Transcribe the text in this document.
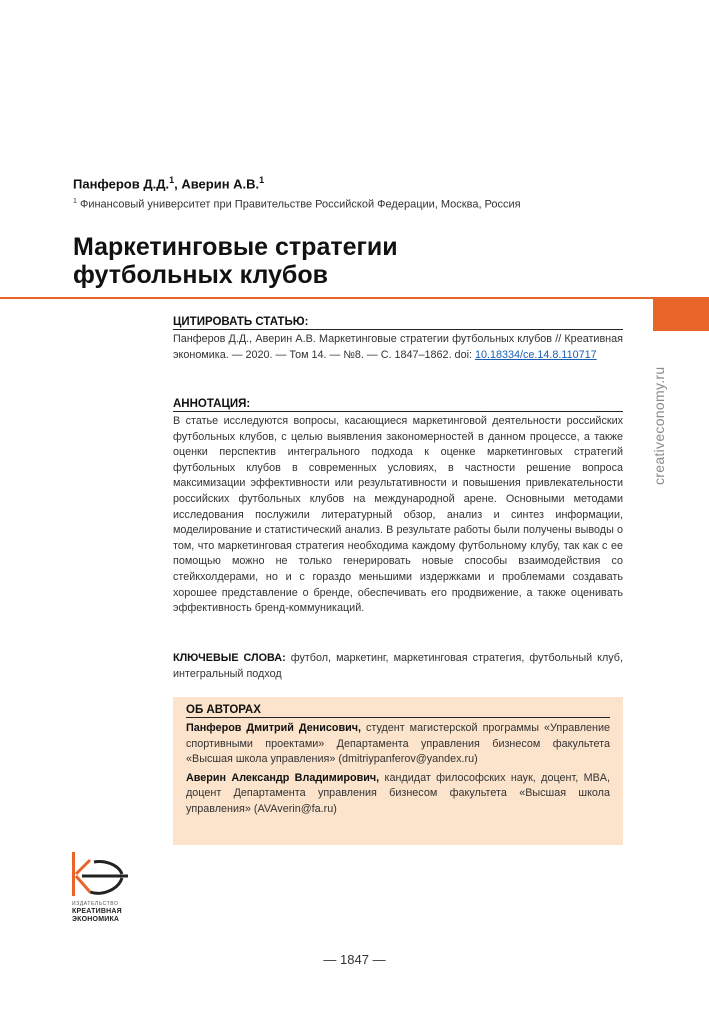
Панферов Д.Д.$^1$, Аверин А.В.$^1$
$^1$ Финансовый университет при Правительстве Российской Федерации, Москва, Россия
Маркетинговые стратегии
футбольных клубов
creativeconomy.ru
ЦИТИРОВАТЬ СТАТЬЮ:

Панферов Д.Д., Аверин А.В. Маркетинговые стратегии футбольных клубов // Креативная экономика. — 2020. — Том 14. — №8. — С. 1847–1862. doi: 10.18334/ce.14.8.110717

АННОТАЦИЯ:

В статье исследуются вопросы, касающиеся маркетинговой деятельности российских футбольных клубов, с целью выявления закономерностей в данном процессе, а также оценки перспектив интегрального подхода к оценке маркетинговых стратегий футбольных клубов в современных условиях, в частности решение вопроса максимизации эффективности или результативности и повышения привлекательности российских футбольных клубов на международной арене. Основными методами исследования послужили литературный обзор, анализ и синтез информации, моделирование и статистический анализ. В результате работы были получены выводы о том, что маркетинговая стратегия необходима каждому футбольному клубу, так как с ее помощью можно не только генерировать новые способы взаимодействия со стейкхолдерами, но и с гораздо меньшими издержками и проблемами создавать хорошее представление о бренде, обеспечивать его продвижение, а также оценивать эффективность бренд-коммуникаций.

КЛЮЧЕВЫЕ СЛОВА: футбол, маркетинг, маркетинговая стратегия, футбольный клуб, интегральный подход

ОБ АВТОРАХ

Панферов Дмитрий Денисович, студент магистерской программы «Управление спортивными проектами» Департамента управления бизнесом факультета «Высшая школа управления» (dmitriypanferov@yandex.ru)

Аверин Александр Владимирович, кандидат философских наук, доцент, MBA, доцент Департамента управления бизнесом факультета «Высшая школа управления» (AVAverin@fa.ru)

ИЗДАТЕЛЬСТВО
КРЕАТИВНАЯ
ЭКОНОМИКА
— 1847 —
